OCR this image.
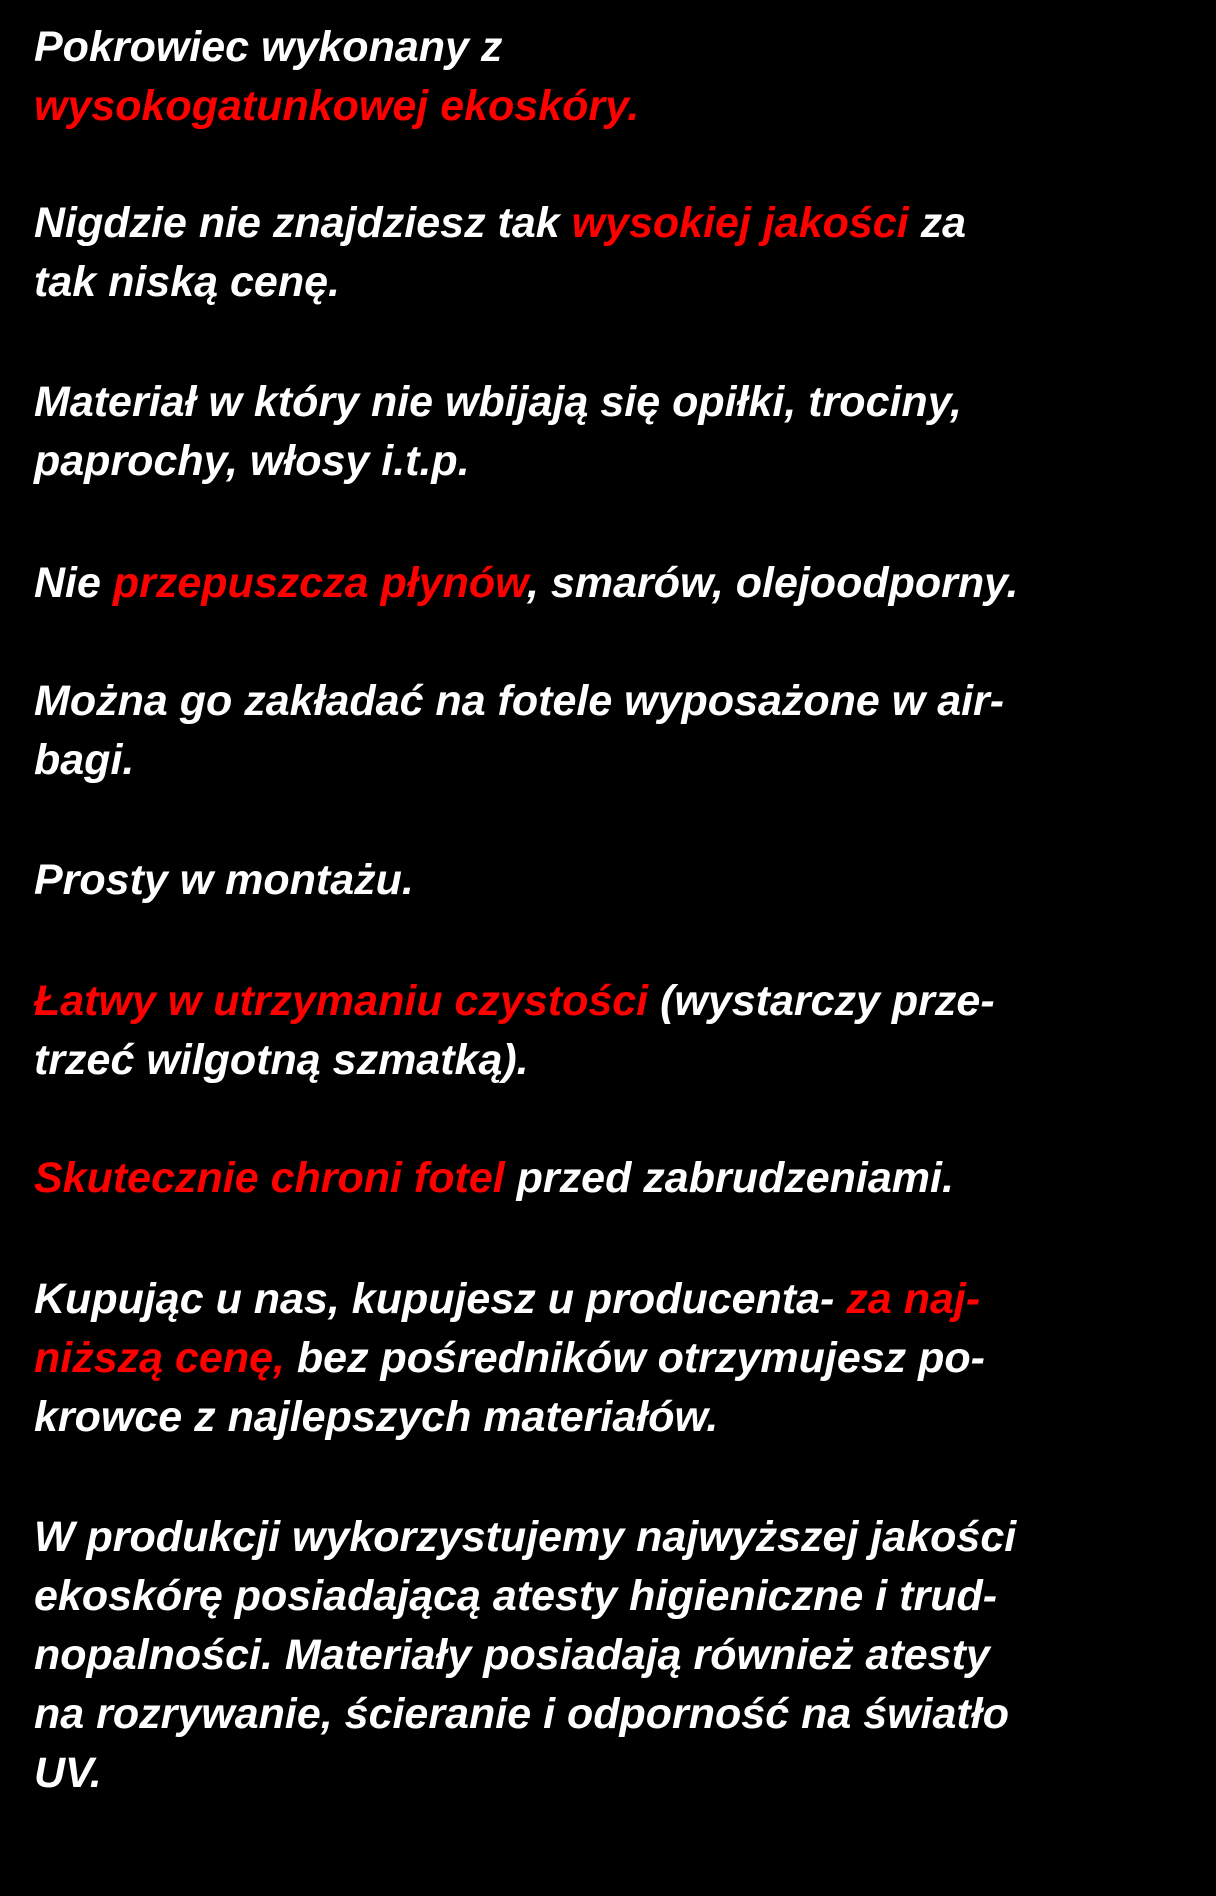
Pokrowiec wykonany z
wysokogatunkowej ekoskóry.

Nigdzie nie znajdziesz tak wysokiej jakości za
tak niską cenę.

Materiał w który nie wbijają się opiłki, trociny,
paprochy, włosy i.t.p.

Nie przepuszcza płynów, smarów, olejoodporny.

Można go zakładać na fotele wyposażone w air-
bagi.

Prosty w montażu.

Łatwy w utrzymaniu czystości (wystarczy prze-
trzeć wilgotną szmatką).

Skutecznie chroni fotel przed zabrudzeniami.

Kupując u nas, kupujesz u producenta- za naj-
niższą cenę, bez pośredników otrzymujesz po-
krowce z najlepszych materiałów.

W produkcji wykorzystujemy najwyższej jakości
ekoskórę posiadającą atesty higieniczne i trud-
nopalności. Materiały posiadają również atesty
na rozrywanie, ścieranie i odporność na światło
UV.
